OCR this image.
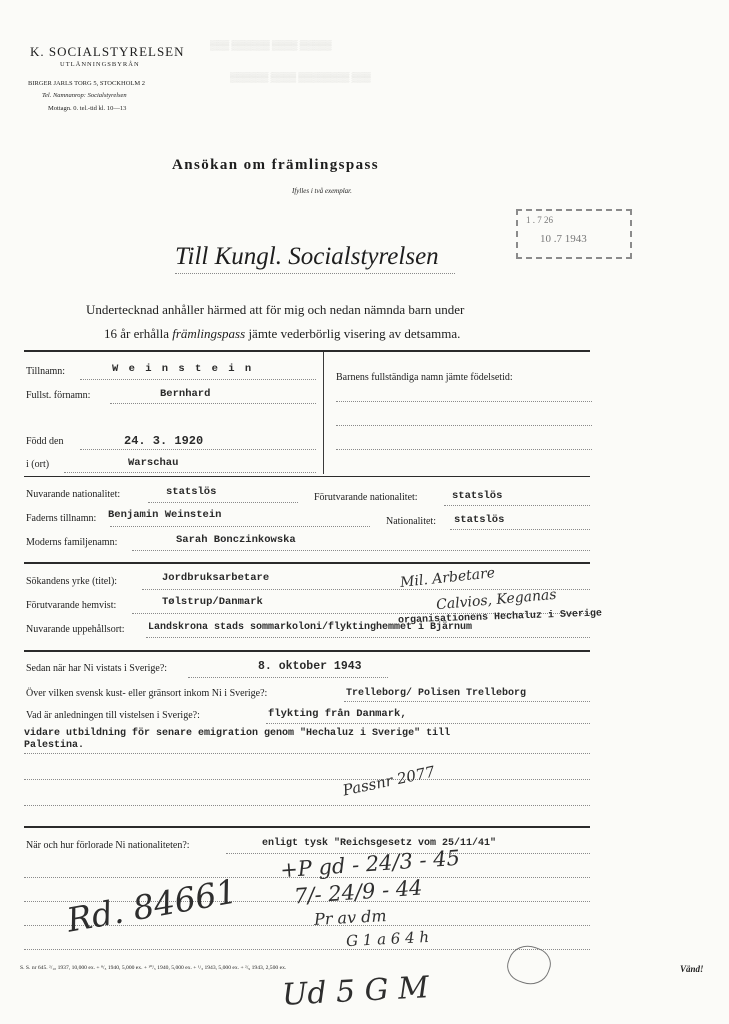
▒▒▒ ▒▒▒▒▒▒ ▒▒▒▒ ▒▒▒▒▒
▒▒▒▒▒▒ ▒▒▒▒ ▒▒▒▒▒▒▒▒ ▒▒▒
K. SOCIALSTYRELSEN
UTLÄNNINGSBYRÅN
BIRGER JARLS TORG 5, STOCKHOLM 2
Tel. Namnanrop: Socialstyrelsen
Mottagn. 0. tel.-tid kl. 10—13
Ansökan om främlingspass
Ifylles i två exemplar.
1 . 7 26
10 .7 1943
Till Kungl. Socialstyrelsen
Undertecknad anhåller härmed att för mig och nedan nämnda barn under
16 år erhålla främlingspass jämte vederbörlig visering av detsamma.
Tillnamn:	W e i n s t e i n
Fullst. förnamn:	Bernhard
Född den	24. 3. 1920
i (ort)	Warschau
Barnens fullständiga namn jämte födelsetid:
Nuvarande nationalitet:	statslös	Förutvarande nationalitet:	statslös
Faderns tillnamn: Benjamin Weinstein
Nationalitet: statslös
Moderns familjenamn:	Sarah Bonczinkowska
Sökandens yrke (titel):	Jordbruksarbetare	Mil. Arbetare
Förutvarande hemvist:	Tølstrup/Danmark	Calvios, Keganas
organisationens Hechaluz i Sverige
Nuvarande uppehållsort: Landskrona stads sommarkoloni/flyktinghemmet i Bjärnum
Sedan när har Ni vistats i Sverige?:	8. oktober 1943
Över vilken svensk kust- eller gränsort inkom Ni i Sverige?:	Trelleborg/ Polisen Trelleborg
Vad är anledningen till vistelsen i Sverige?:	flykting från Danmark,
vidare utbildning för senare emigration genom "Hechaluz i Sverige" till
Palestina.
Passnr 2077
När och hur förlorade Ni nationaliteten?:	enligt tysk "Reichsgesetz vom 25/11/41"
+P gd - 24/3 - 45
7/- 24/9 - 44
Pr av dm
G 1 a 6 4 h
Rd. 84661
S. S. nr 645. ²/₁₀ 1937, 10,000 ex. + ⁸/₃ 1940, 5,000 ex. + ¹⁰/₅ 1940, 5,000 ex. + ¹/₃ 1943, 5,000 ex. + ²/₉ 1943, 2,500 ex.	Vänd!
Ud 5 G M
